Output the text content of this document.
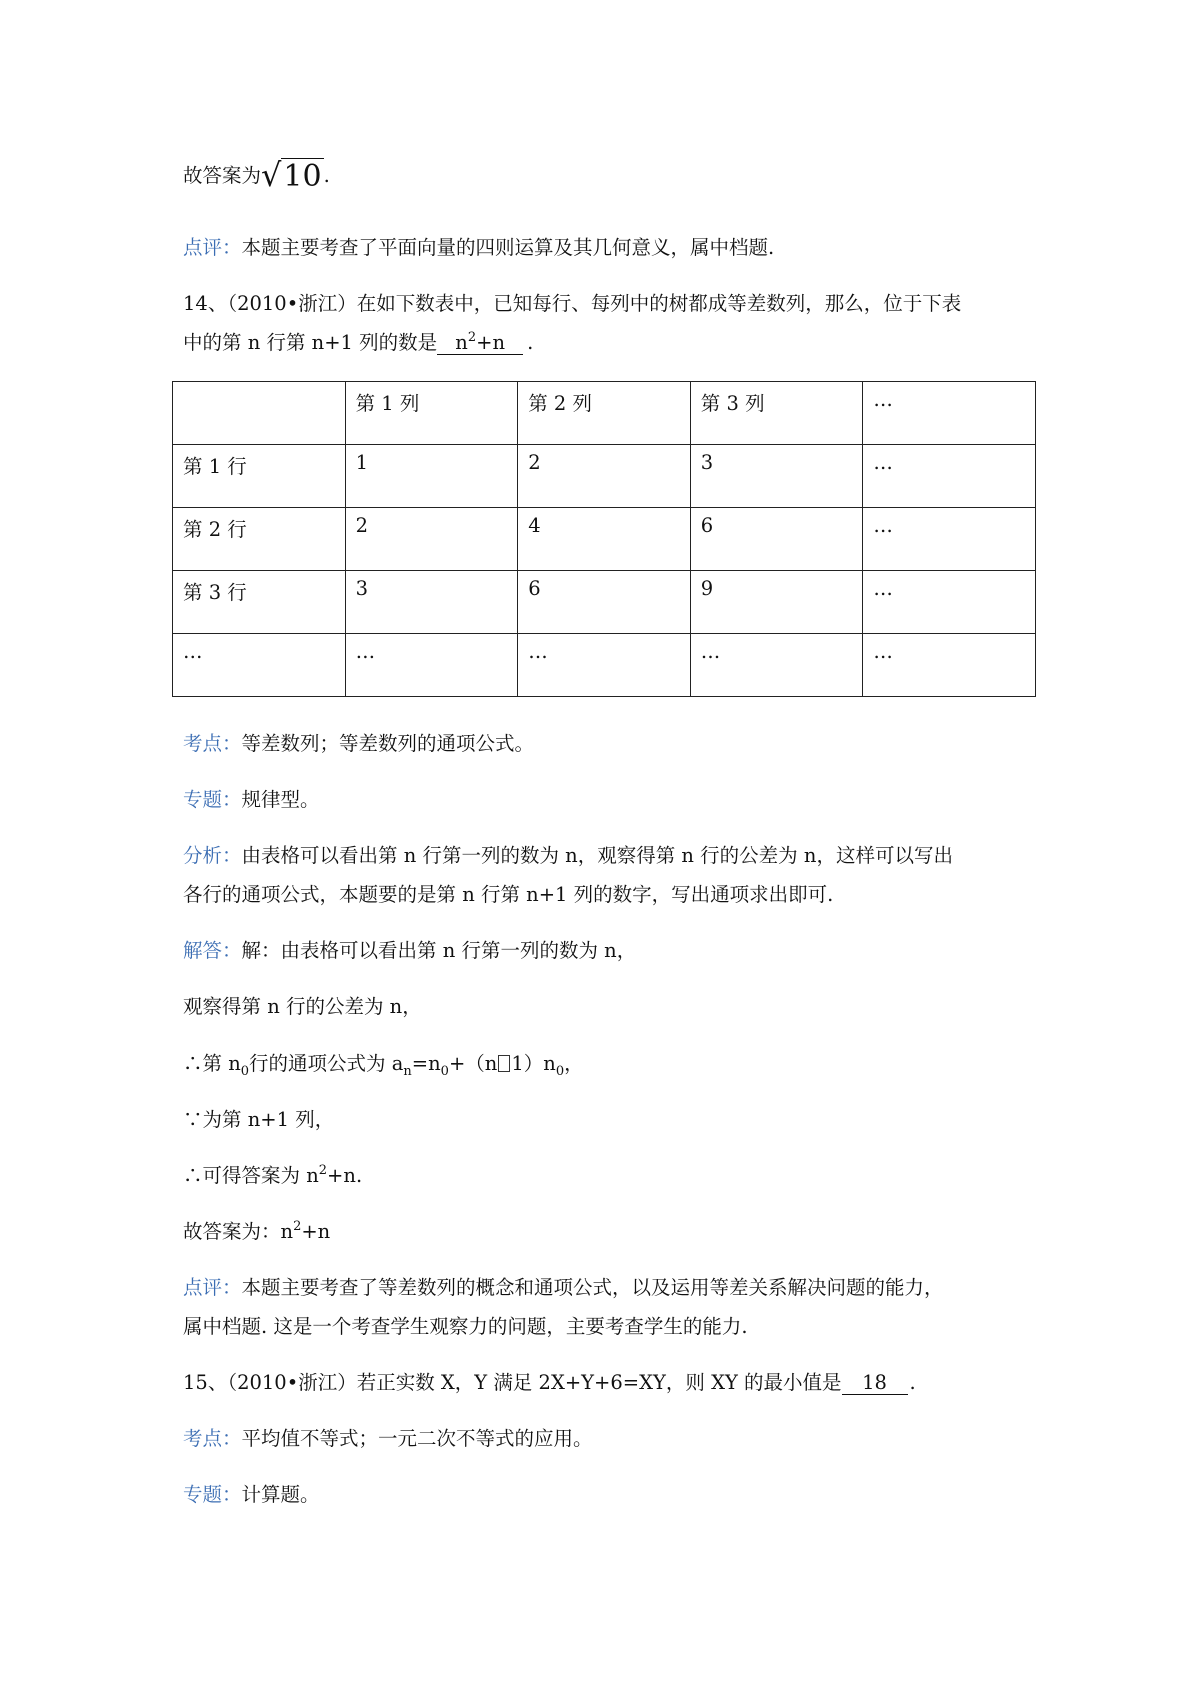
故答案为√10 .
点评：本题主要考查了平面向量的四则运算及其几何意义，属中档题.
14、（2010•浙江）在如下数表中，已知每行、每列中的树都成等差数列，那么，位于下表
中的第 n 行第 n+1 列的数是 $n^2+n$ .
	第 1 列	第 2 列	第 3 列	…
第 1 行	1	2	3	…
第 2 行	2	4	6	…
第 3 行	3	6	9	…
…	…	…	…	…
考点：等差数列；等差数列的通项公式。
专题：规律型。
分析：由表格可以看出第 n 行第一列的数为 n，观察得第 n 行的公差为 n，这样可以写出
各行的通项公式，本题要的是第 n 行第 n+1 列的数字，写出通项求出即可.
解答：解：由表格可以看出第 n 行第一列的数为 n，
观察得第 n 行的公差为 n，
∴第 $n_0$行的通项公式为 $a_n=n_0+(n$ $1)n_0$，
∵为第 n+1 列，
∴可得答案为 $n^2+n$.
故答案为：$n^2+n$
点评：本题主要考查了等差数列的概念和通项公式，以及运用等差关系解决问题的能力，
属中档题. 这是一个考查学生观察力的问题，主要考查学生的能力.
15、（2010•浙江）若正实数 X，Y 满足 2X+Y+6=XY，则 XY 的最小值是 18 .
考点：平均值不等式；一元二次不等式的应用。
专题：计算题。
